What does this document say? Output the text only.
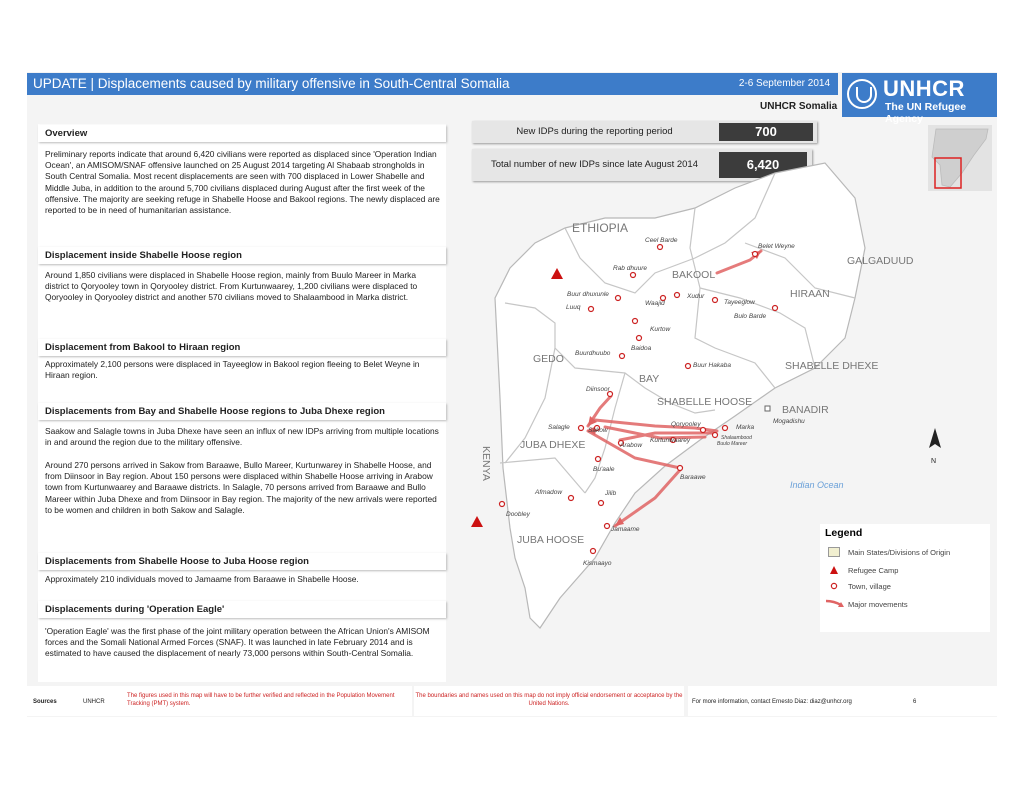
UPDATE | Displacements caused by military offensive in South-Central Somalia	2-6 September 2014
UNHCR Somalia
UNHCR
The UN Refugee Agency
Overview
Preliminary reports indicate that around 6,420 civilians were reported as displaced since 'Operation Indian Ocean', an AMISOM/SNAF offensive launched on 25 August 2014 targeting Al Shabaab strongholds in South Central Somalia. Most recent displacements are seen with 700 displaced in Lower Shabelle and Middle Juba, in addition to the around 5,700 civilians displaced during August after the first week of the offensive. The majority are seeking refuge in Shabelle Hoose and Bakool regions. The newly displaced are reported to be in need of humanitarian assistance.
Displacement inside Shabelle Hoose region
Around 1,850 civilians were displaced in Shabelle Hoose region, mainly from Buulo Mareer in Marka district to Qoryooley town in Qoryooley district. From Kurtunwaarey, 1,200 civilians were displaced to Qoryooley in Qoryooley district and another 570 civilians moved to Shalaambood in Marka district.
Displacement from Bakool to Hiraan region
Approximately 2,100 persons were displaced in Tayeeglow in Bakool region fleeing to Belet Weyne in Hiraan region.
Displacements from Bay and Shabelle Hoose regions to Juba Dhexe region
Saakow and Salagle towns in Juba Dhexe have seen an influx of new IDPs arriving from multiple locations in and around the region due to the military offensive.
Around 270 persons arrived in Sakow from Baraawe, Bullo Mareer, Kurtunwarey in Shabelle Hoose, and from Diinsoor in Bay region. About 150 persons were displaced within Shabelle Hoose arriving in Arabow town from Kurtunwaarey and Baraawe districts. In Salagle, 70 persons arrived from Baraawe and Bullo Mareer within Juba Dhexe and from Diinsoor in Bay region. The majority of the new arrivals were reported to be women and children in both Sakow and Salagle.
Displacements from Shabelle Hoose to Juba Hoose region
Approximately 210 individuals moved to Jamaame from Baraawe in Shabelle Hoose.
Displacements during 'Operation Eagle'
'Operation Eagle' was the first phase of the joint military operation between the African Union's AMISOM forces and the Somali National Armed Forces (SNAF). It was launched in late February 2014 and is estimated to have caused the displacement of nearly 73,000 persons within South-Central Somalia.
New IDPs during the reporting period	700
Total number of new IDPs since late August 2014	6,420
ETHIOPIA
GALGADUUD
BAKOOL
HIRAAN
GEDO
BAY
SHABELLE DHEXE
SHABELLE HOOSE
BANADIR
JUBA DHEXE
KENYA
JUBA HOOSE
Indian Ocean
Ceel Barde
Belet Weyne
Rab dhuure
Xudur
Waajid	Tayeeglow
Buur dhuxunle
Luuq
Bulo Barde
Kurtow
Baidoa
Buurdhuubo
Buur Hakaba
Diinsoor
Qoryooley	Marka
Mogadishu
Salagle	Sakow
Shalaambood
Buulo Mareer
Arabow
Kurtunwaarey
Bu'aale
Baraawe
Afmadow	Jilib
Doobley
Jamaame
Kismaayo
N
Legend
Main States/Divisions of Origin
Refugee Camp
Town, village
Major movements
Sources	UNHCR
The figures used in this map will have to be further verified and reflected in the Population Movement Tracking (PMT) system.
The boundaries and names used on this map do not imply official endorsement or acceptance by the United Nations.	For more information, contact Ernesto Diaz: diaz@unhcr.org	6
